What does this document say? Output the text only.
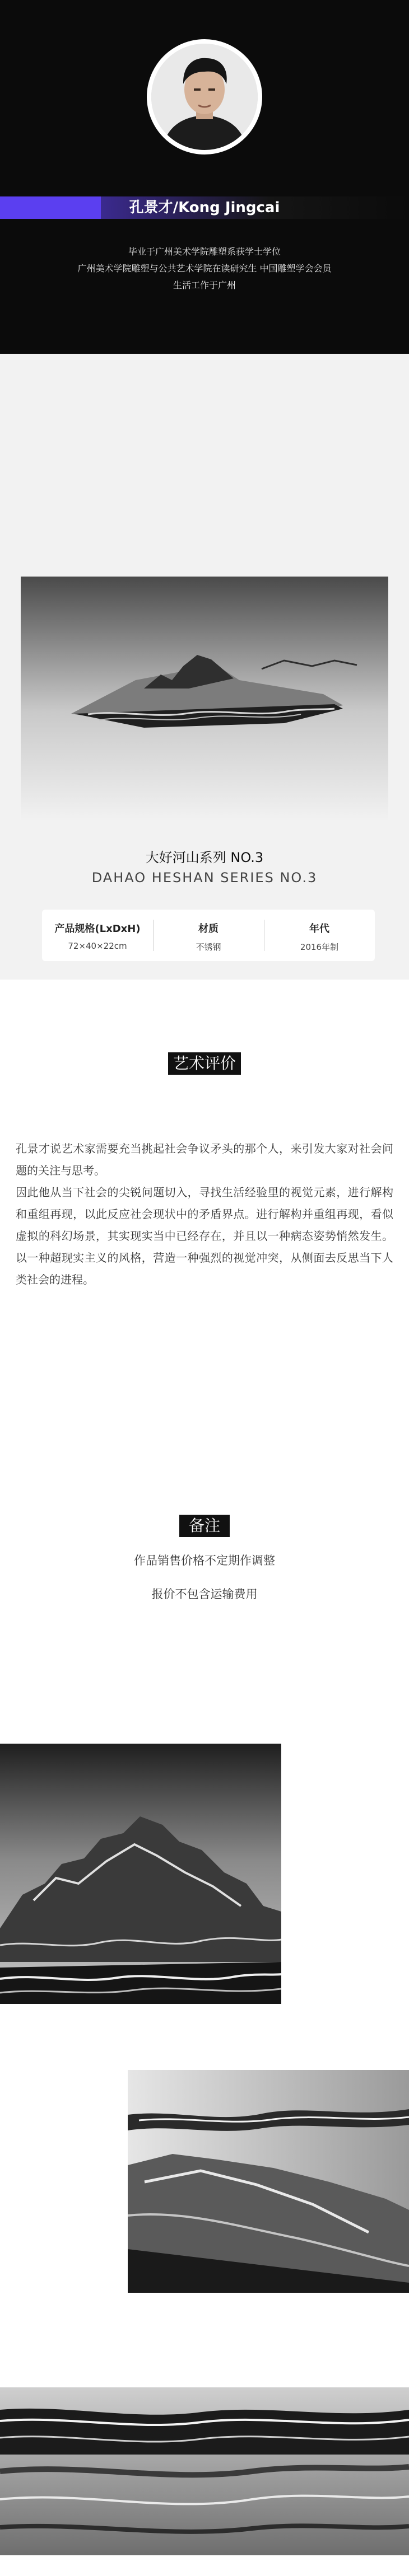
孔景才/Kong Jingcai
毕业于广州美术学院雕塑系获学士学位
广州美术学院雕塑与公共艺术学院在读研究生 中国雕塑学会会员
生活工作于广州
大好河山系列 NO.3
DAHAO HESHAN SERIES NO.3
产品规格(LxDxH)
72×40×22cm
材质
不锈钢
年代
2016年制
艺术评价
孔景才说艺术家需要充当挑起社会争议矛头的那个人，来引发大家对社会问题的关注与思考。
因此他从当下社会的尖锐问题切入，寻找生活经验里的视觉元素，进行解构和重组再现，以此反应社会现状中的矛盾界点。进行解构并重组再现，看似虚拟的科幻场景，其实现实当中已经存在，并且以一种病态姿势悄然发生。以一种超现实主义的风格，营造一种强烈的视觉冲突，从侧面去反思当下人类社会的进程。
备注
作品销售价格不定期作调整
报价不包含运输费用
